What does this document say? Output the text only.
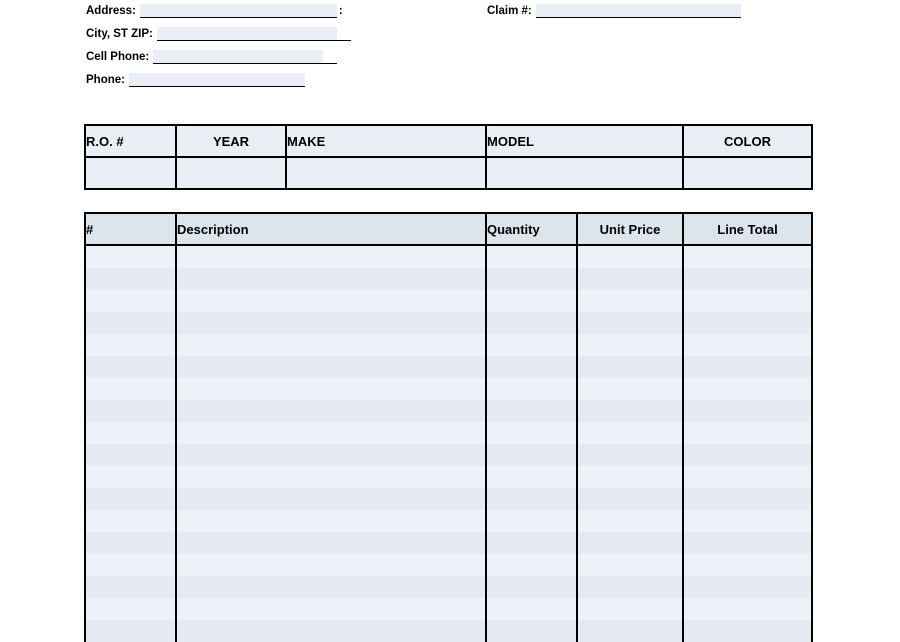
Address:	:
City, ST ZIP:
Cell Phone:
Phone:
Claim #:
R.O. #	YEAR	MAKE	MODEL	COLOR

#	Description	Quantity	Unit Price	Line Total
